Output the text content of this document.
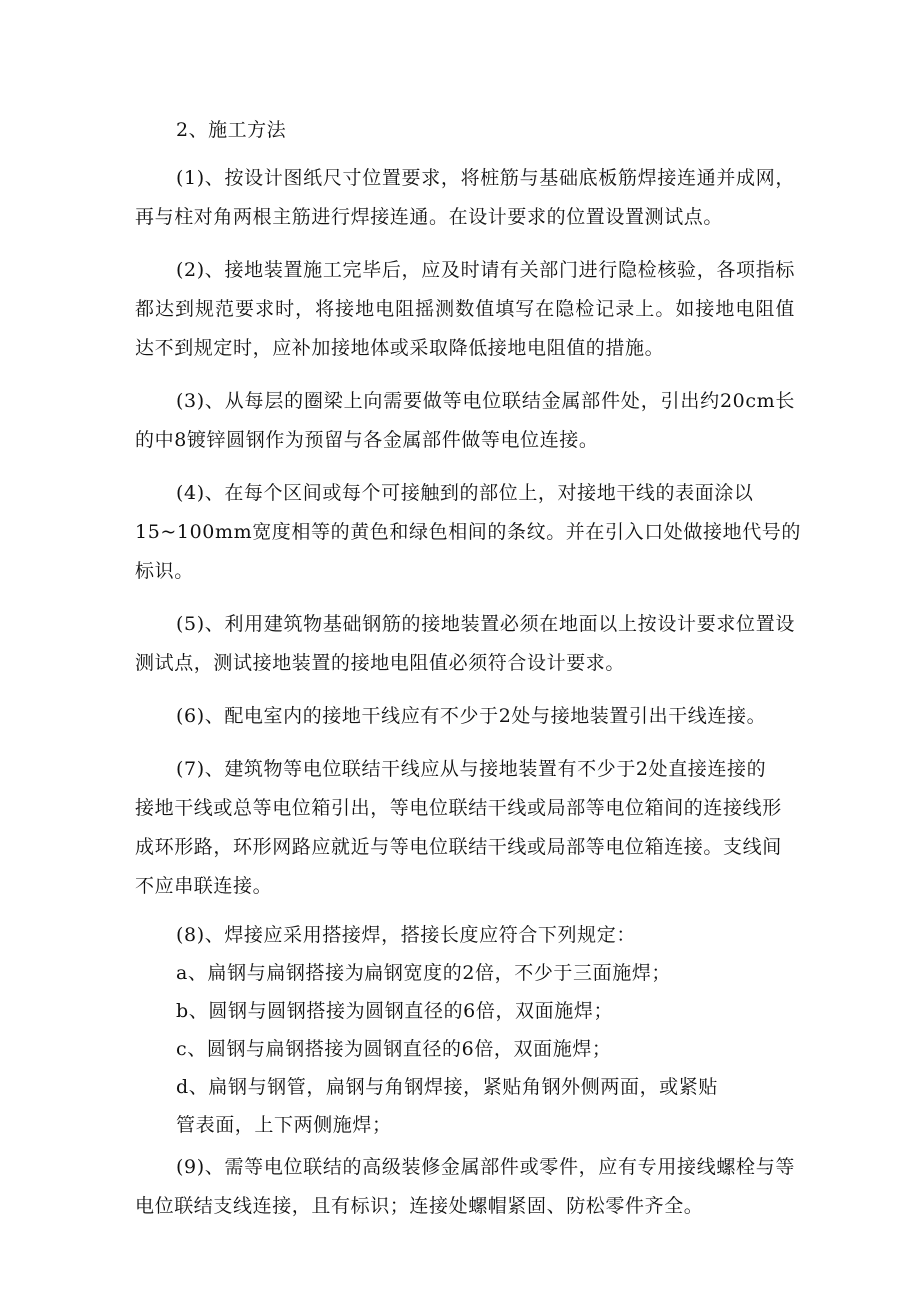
2、施工方法

(1)、按设计图纸尺寸位置要求，将桩筋与基础底板筋焊接连通并成网，再与柱对角两根主筋进行焊接连通。在设计要求的位置设置测试点。

(2)、接地装置施工完毕后，应及时请有关部门进行隐检核验，各项指标都达到规范要求时，将接地电阻摇测数值填写在隐检记录上。如接地电阻值达不到规定时，应补加接地体或采取降低接地电阻值的措施。

(3)、从每层的圈梁上向需要做等电位联结金属部件处，引出约20cm长的中8镀锌圆钢作为预留与各金属部件做等电位连接。

(4)、在每个区间或每个可接触到的部位上，对接地干线的表面涂以
15~100mm宽度相等的黄色和绿色相间的条纹。并在引入口处做接地代号的
标识。

(5)、利用建筑物基础钢筋的接地装置必须在地面以上按设计要求位置设测试点，测试接地装置的接地电阻值必须符合设计要求。

(6)、配电室内的接地干线应有不少于2处与接地装置引出干线连接。

(7)、建筑物等电位联结干线应从与接地装置有不少于2处直接连接的
接地干线或总等电位箱引出，等电位联结干线或局部等电位箱间的连接线形
成环形路，环形网路应就近与等电位联结干线或局部等电位箱连接。支线间
不应串联连接。

(8)、焊接应采用搭接焊，搭接长度应符合下列规定：

a、扁钢与扁钢搭接为扁钢宽度的2倍，不少于三面施焊；

b、圆钢与圆钢搭接为圆钢直径的6倍，双面施焊；

c、圆钢与扁钢搭接为圆钢直径的6倍，双面施焊；

d、扁钢与钢管，扁钢与角钢焊接，紧贴角钢外侧两面，或紧贴
管表面，上下两侧施焊；

(9)、需等电位联结的高级装修金属部件或零件，应有专用接线螺栓与等电位联结支线连接，且有标识；连接处螺帽紧固、防松零件齐全。
